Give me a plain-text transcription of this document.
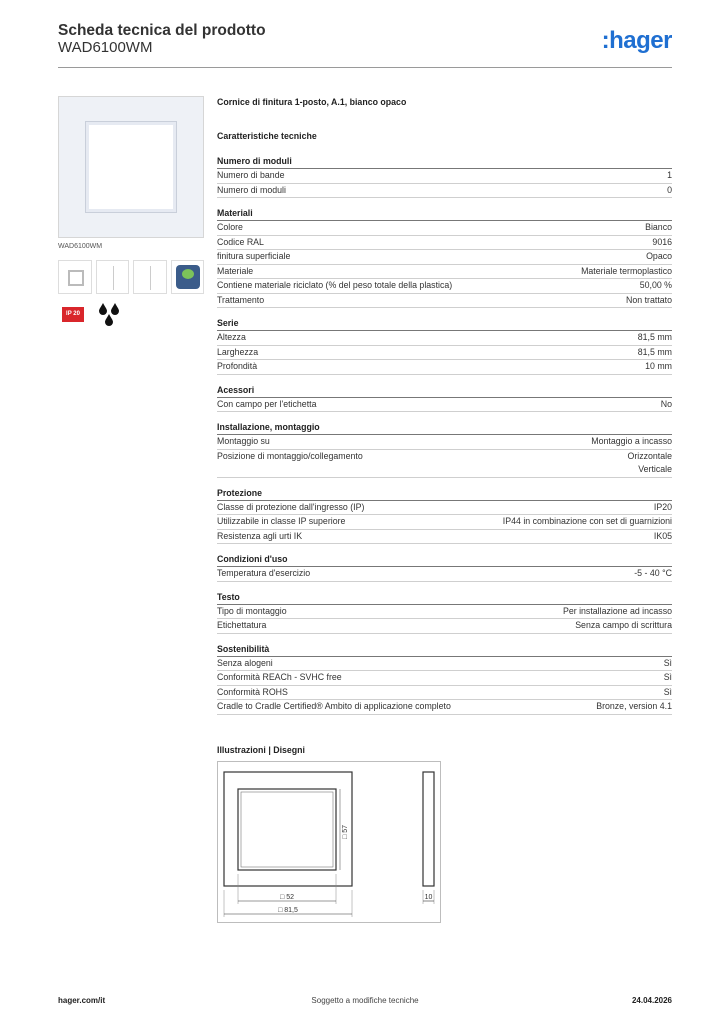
Scheda tecnica del prodotto
WAD6100WM	:hager
WAD6100WM
IP 20
Cornice di finitura 1-posto, A.1, bianco opaco
Caratteristiche tecniche
Numero di moduli
Numero di bande	1
Numero di moduli	0
Materiali
Colore	Bianco
Codice RAL	9016
finitura superficiale	Opaco
Materiale	Materiale termoplastico
Contiene materiale riciclato (% del peso totale della plastica)	50,00 %
Trattamento	Non trattato
Serie
Altezza	81,5 mm
Larghezza	81,5 mm
Profondità	10 mm
Acessori
Con campo per l'etichetta	No
Installazione, montaggio
Montaggio su	Montaggio a incasso
Posizione di montaggio/collegamento	Orizzontale
Verticale
Protezione
Classe di protezione dall'ingresso (IP)	IP20
Utilizzabile in classe IP superiore	IP44 in combinazione con set di guarnizioni
Resistenza agli urti IK	IK05
Condizioni d'uso
Temperatura d'esercizio	-5 - 40 °C
Testo
Tipo di montaggio	Per installazione ad incasso
Etichettatura	Senza campo di scrittura
Sostenibilità
Senza alogeni	Sì
Conformità REACh - SVHC free	Sì
Conformità ROHS	Sì
Cradle to Cradle Certified® Ambito di applicazione completo	Bronze, version 4.1
Illustrazioni | Disegni
□ 57
□ 52
□ 81,5
10
Soggetto a modifiche tecniche
hager.com/it	24.04.2026
